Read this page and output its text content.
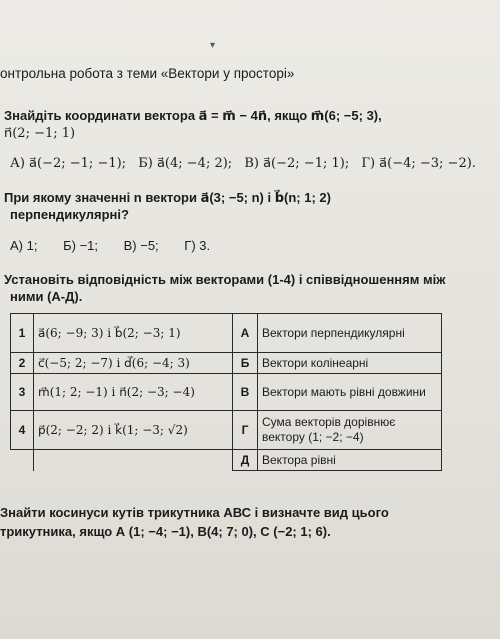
▾
онтрольна робота з теми «Вектори у просторі»
Знайдіть координати вектора a⃗ = m⃗ − 4n⃗, якщо m⃗(6; −5; 3),
n⃗(2; −1; 1)
А) a⃗(−2; −1; −1); Б) a⃗(4; −4; 2); В) a⃗(−2; −1; 1); Г) a⃗(−4; −3; −2).
При якому значенні n вектори a⃗(3; −5; n) і b⃗(n; 1; 2)
перпендикулярні?
А) 1; Б) −1; В) −5; Г) 3.
Установіть відповідність між векторами (1-4) і співвідношенням між
ними (А-Д).
1	a⃗(6; −9; 3) і b⃗(2; −3; 1)	А	Вектори перпендикулярні
2	c⃗(−5; 2; −7) і d⃗(6; −4; 3)	Б	Вектори колінеарні
3	m⃗(1; 2; −1) і n⃗(2; −3; −4)	В	Вектори мають рівні довжини
4	p⃗(2; −2; 2) і k⃗(1; −3; √2)	Г	Сума векторів дорівнює вектору (1; −2; −4)
		Д	Вектора рівні
Знайти косинуси кутів трикутника АВС і визначте вид цього
трикутника, якщо А (1; −4; −1), В(4; 7; 0), С (−2; 1; 6).
